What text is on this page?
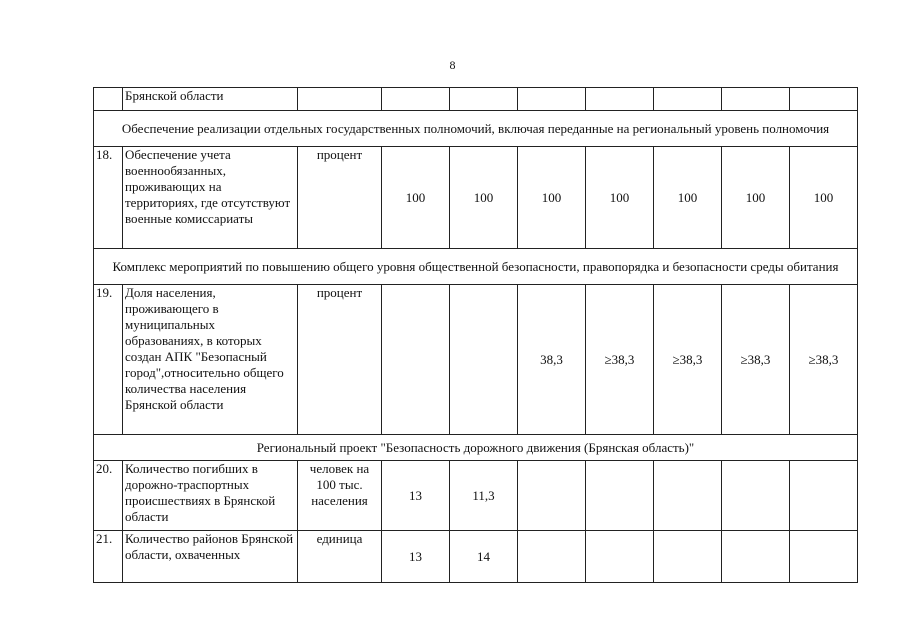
8
	Брянской области								
Обеспечение реализации отдельных государственных полномочий, включая переданные на региональный уровень полномочия									
18.	Обеспечение учета военнообязанных, проживающих на территориях, где отсутствуют военные комиссариаты	процент	100	100	100	100	100	100	100
Комплекс мероприятий по повышению общего уровня общественной безопасности, правопорядка и безопасности среды обитания									
19.	Доля населения, проживающего в муниципальных образованиях, в которых создан АПК "Безопасный город",относительно общего количества населения Брянской области	процент			38,3	≥38,3	≥38,3	≥38,3	≥38,3
Региональный проект "Безопасность дорожного движения (Брянская область)"									
20.	Количество погибших в дорожно-траспортных происшествиях в Брянской области	человек на 100 тыс. населения	13	11,3					
21.	Количество районов Брянской области, охваченных	единица	13	14					
